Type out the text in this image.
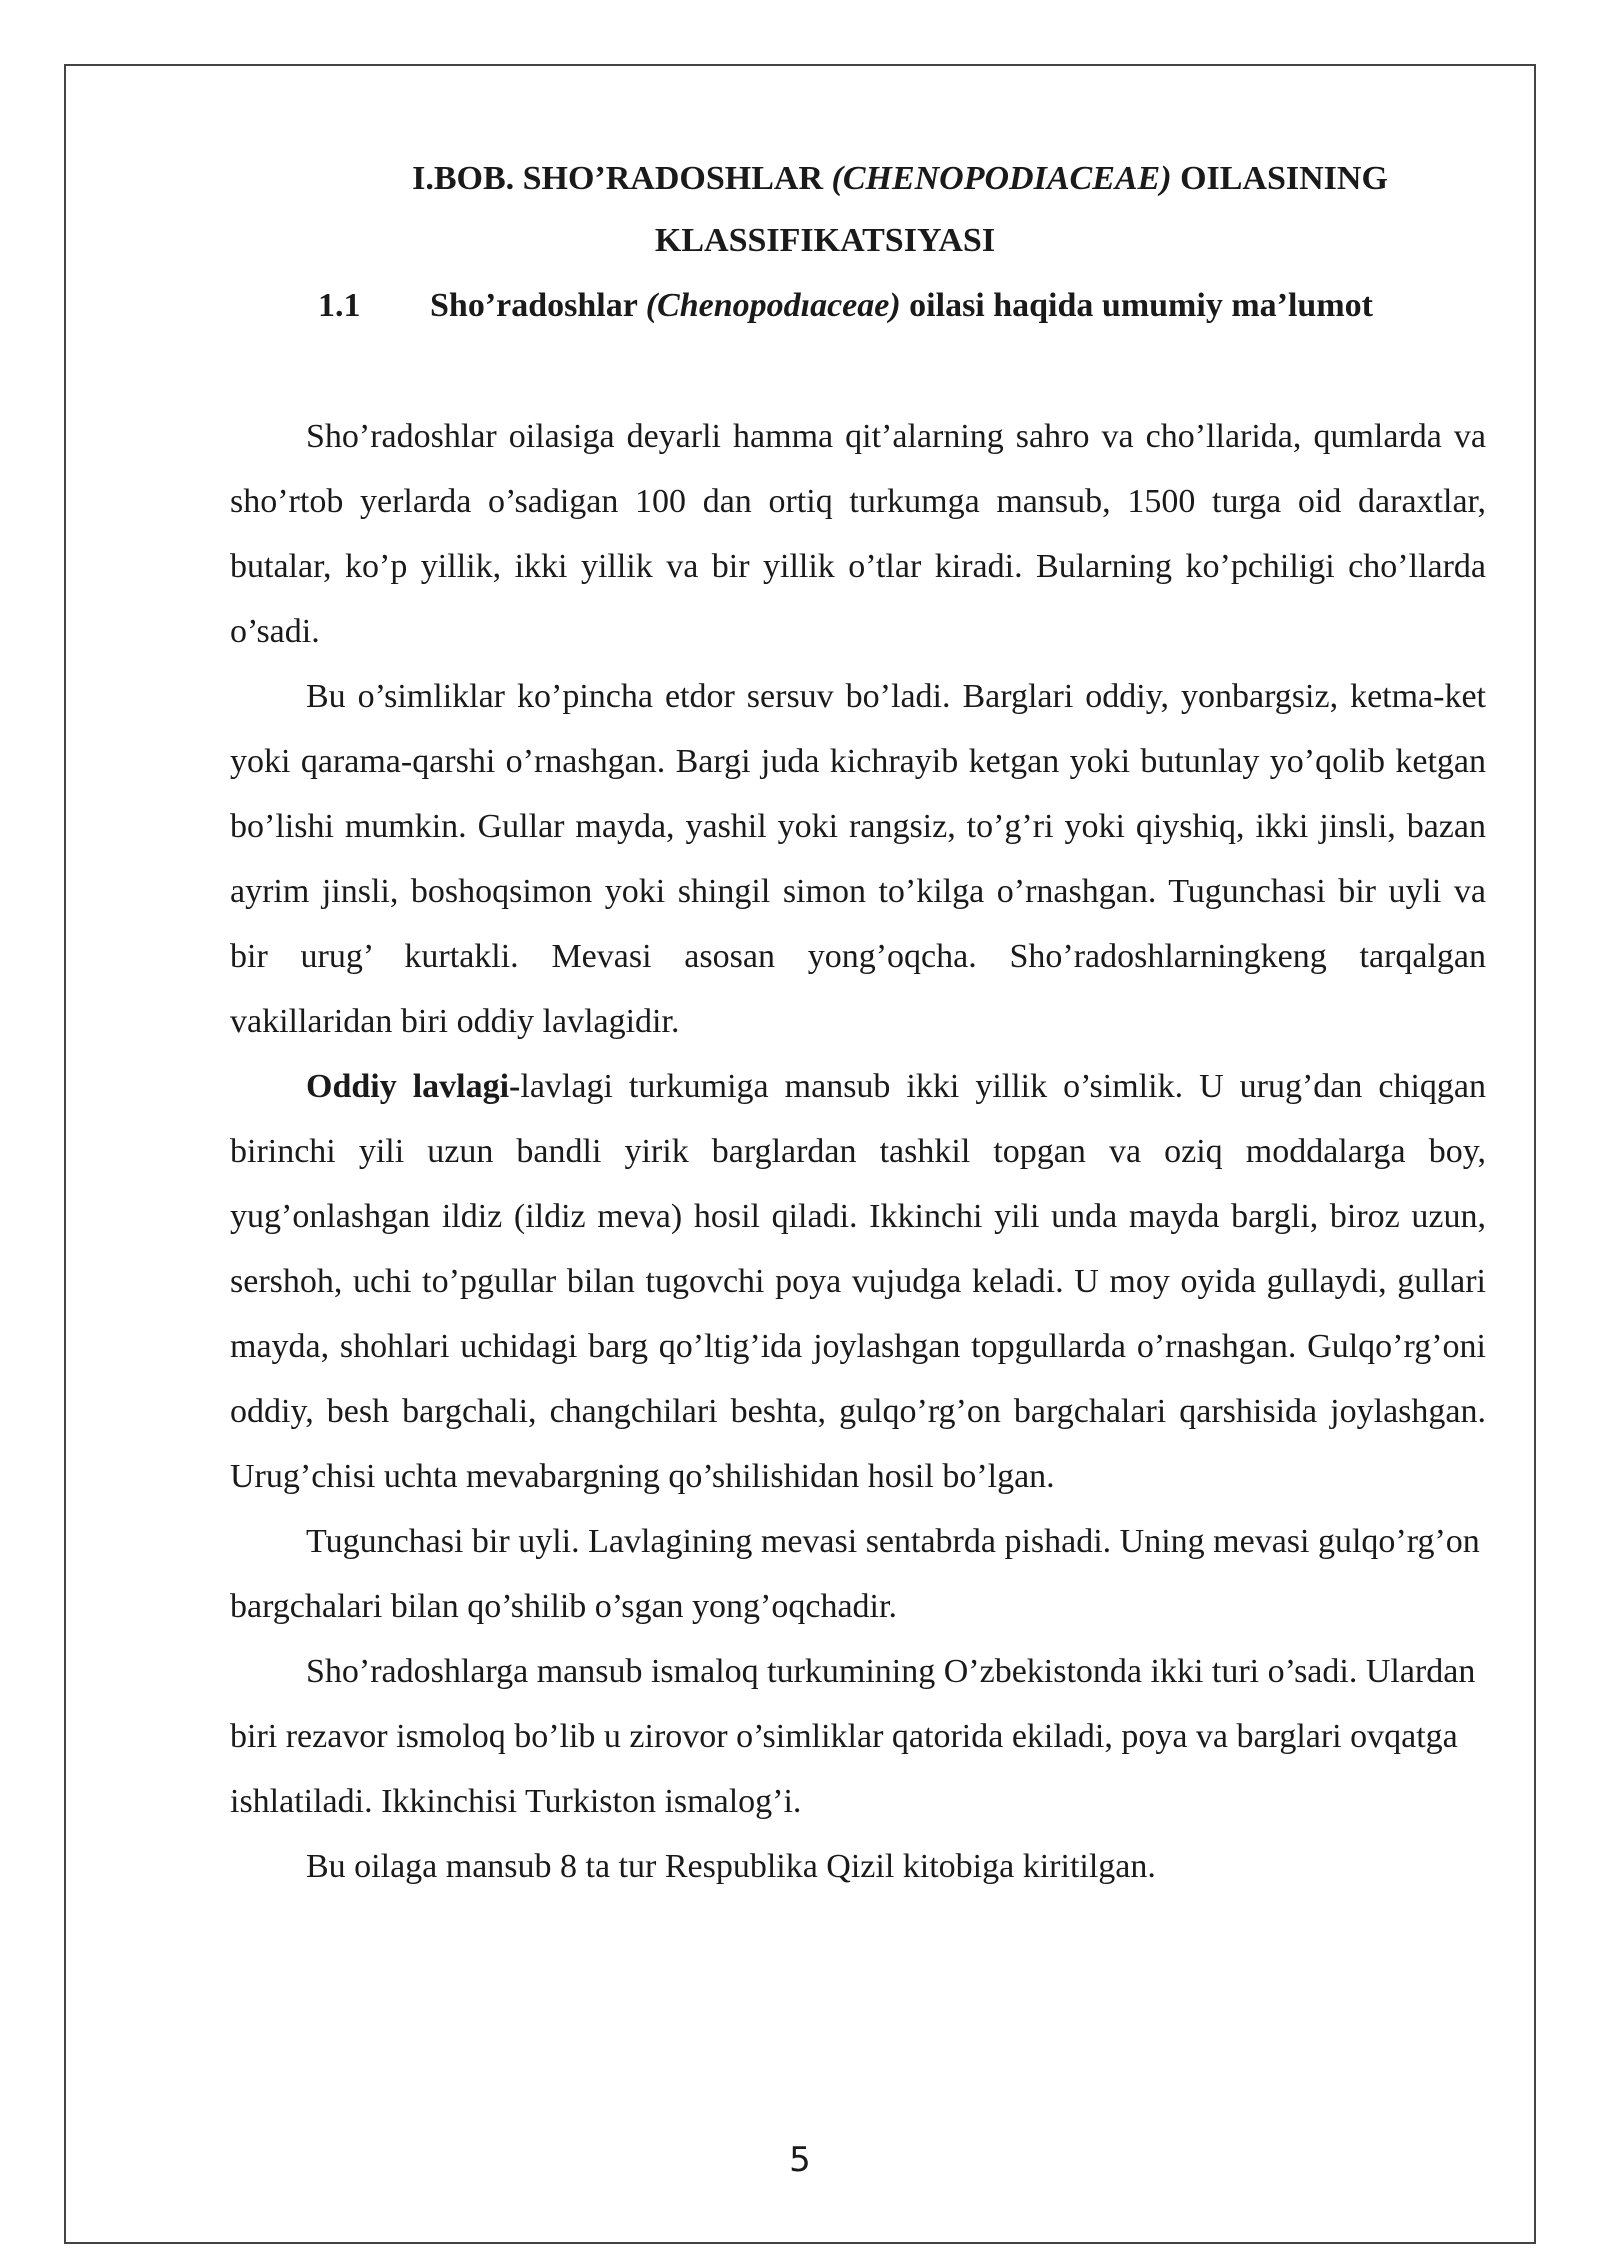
I.BOB. SHO’RADOSHLAR (CHENOPODIACEAE) OILASINING
KLASSIFIKATSIYASI
1.1 Sho’radoshlar (Chenopodıaceae) oilasi haqida umumiy ma’lumot

Sho’radoshlar oilasiga deyarli hamma qit’alarning sahro va cho’llarida, qumlarda va sho’rtob yerlarda o’sadigan 100 dan ortiq turkumga mansub, 1500 turga oid daraxtlar, butalar, ko’p yillik, ikki yillik va bir yillik o’tlar kiradi. Bularning ko’pchiligi cho’llarda o’sadi.

Bu o’simliklar ko’pincha etdor sersuv bo’ladi. Barglari oddiy, yonbargsiz, ketma-ket yoki qarama-qarshi o’rnashgan. Bargi juda kichrayib ketgan yoki butunlay yo’qolib ketgan bo’lishi mumkin. Gullar mayda, yashil yoki rangsiz, to’g’ri yoki qiyshiq, ikki jinsli, bazan ayrim jinsli, boshoqsimon yoki shingil simon to’kilga o’rnashgan. Tugunchasi bir uyli va bir urug’ kurtakli. Mevasi asosan yong’oqcha. Sho’radoshlarningkeng tarqalgan vakillaridan biri oddiy lavlagidir.

Oddiy lavlagi-lavlagi turkumiga mansub ikki yillik o’simlik. U urug’dan chiqgan birinchi yili uzun bandli yirik barglardan tashkil topgan va oziq moddalarga boy, yug’onlashgan ildiz (ildiz meva) hosil qiladi. Ikkinchi yili unda mayda bargli, biroz uzun, sershoh, uchi to’pgullar bilan tugovchi poya vujudga keladi. U moy oyida gullaydi, gullari mayda, shohlari uchidagi barg qo’ltig’ida joylashgan topgullarda o’rnashgan. Gulqo’rg’oni oddiy, besh bargchali, changchilari beshta, gulqo’rg’on bargchalari qarshisida joylashgan. Urug’chisi uchta mevabargning qo’shilishidan hosil bo’lgan.

Tugunchasi bir uyli. Lavlagining mevasi sentabrda pishadi. Uning mevasi gulqo’rg’on bargchalari bilan qo’shilib o’sgan yong’oqchadir.

Sho’radoshlarga mansub ismaloq turkumining O’zbekistonda ikki turi o’sadi. Ulardan biri rezavor ismoloq bo’lib u zirovor o’simliklar qatorida ekiladi, poya va barglari ovqatga ishlatiladi. Ikkinchisi Turkiston ismalog’i.

Bu oilaga mansub 8 ta tur Respublika Qizil kitobiga kiritilgan.

5
